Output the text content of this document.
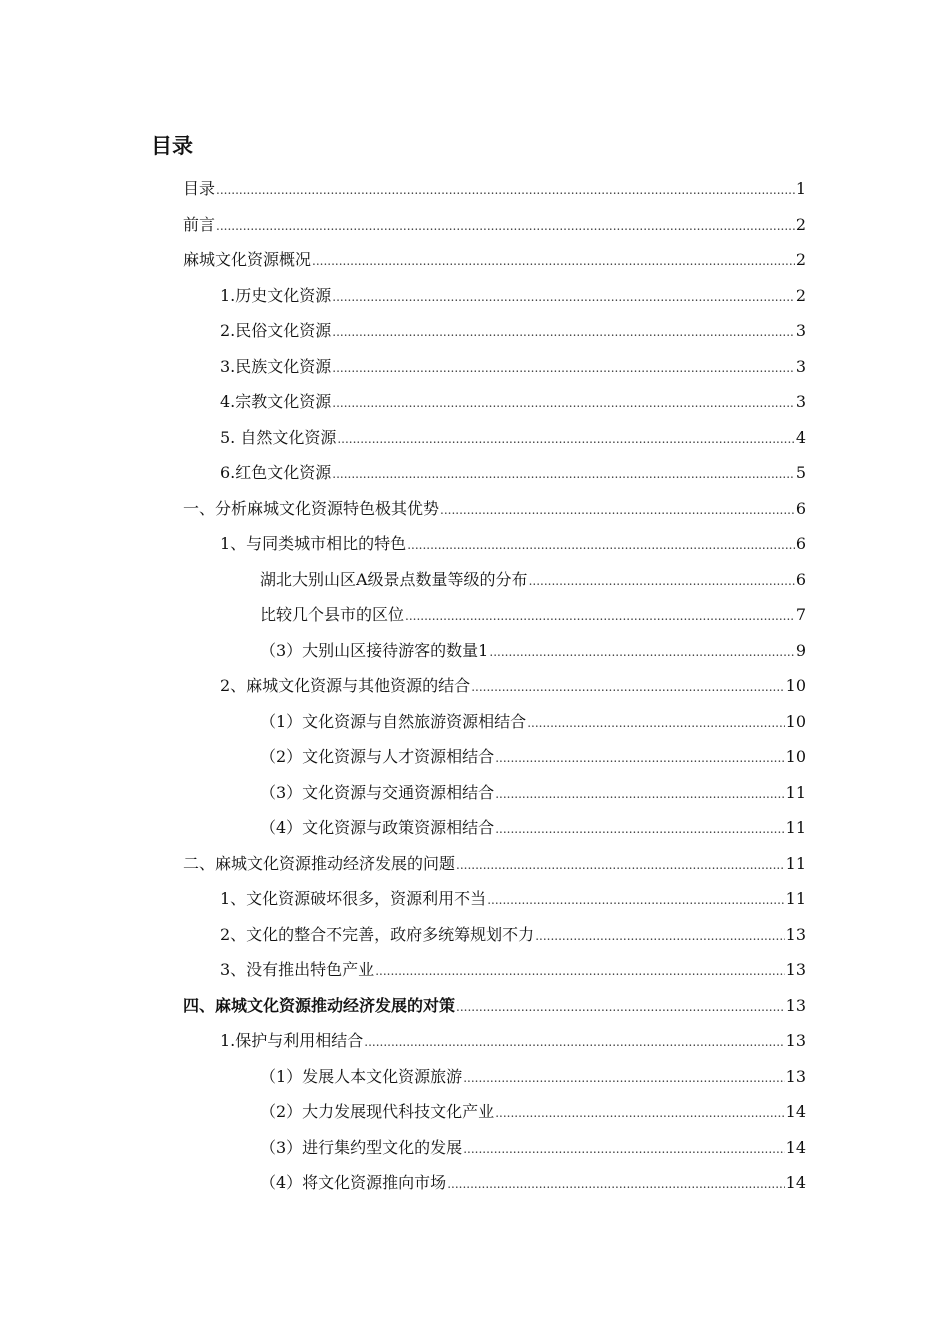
目录
目录 .....	1
前言 .....	2
麻城文化资源概况 .....	2
1.历史文化资源 .....	2
2.民俗文化资源 .....	3
3.民族文化资源 .....	3
4.宗教文化资源 .....	3
5. 自然文化资源 .....	4
6.红色文化资源 .....	5
一、分析麻城文化资源特色极其优势 .....	6
1、与同类城市相比的特色 .....	6
湖北大别山区A级景点数量等级的分布 .....	6
比较几个县市的区位 .....	7
（3）大别山区接待游客的数量1 .....	9
2、麻城文化资源与其他资源的结合 .....	10
（1）文化资源与自然旅游资源相结合 .....	10
（2）文化资源与人才资源相结合 .....	10
（3）文化资源与交通资源相结合 .....	11
（4）文化资源与政策资源相结合 .....	11
二、麻城文化资源推动经济发展的问题 .....	11
1、文化资源破坏很多，资源利用不当 .....	11
2、文化的整合不完善，政府多统筹规划不力 .....	13
3、没有推出特色产业 .....	13
四、麻城文化资源推动经济发展的对策 .....	13
1.保护与利用相结合 .....	13
（1）发展人本文化资源旅游 .....	13
（2）大力发展现代科技文化产业 .....	14
（3）进行集约型文化的发展 .....	14
（4）将文化资源推向市场 .....	14
